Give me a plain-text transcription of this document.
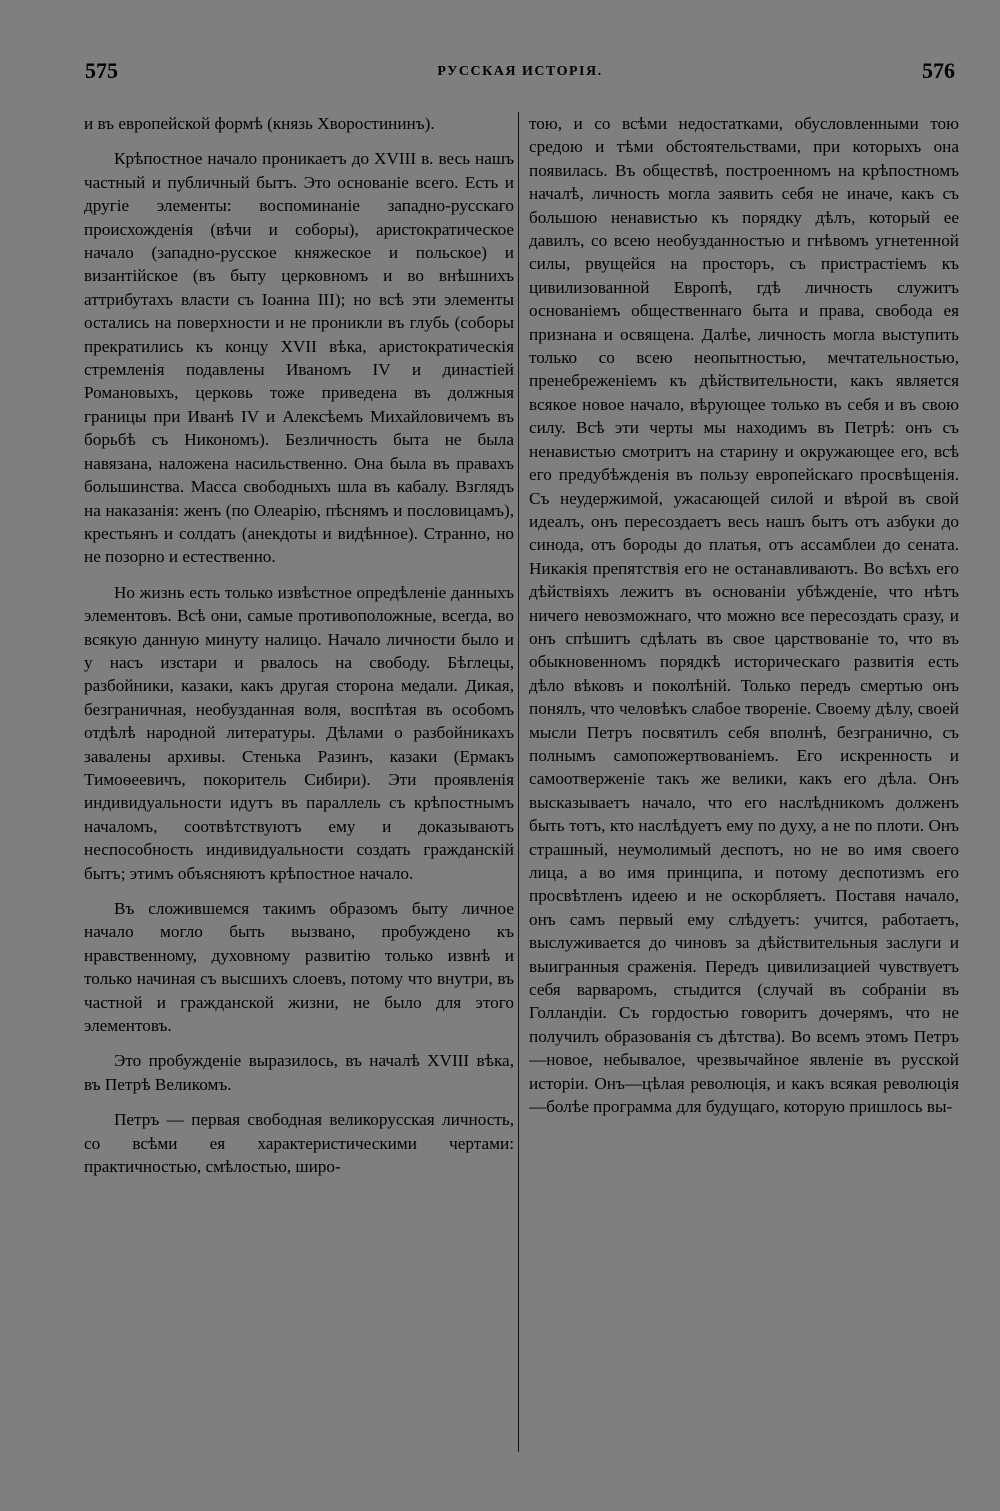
575	РУССКАЯ ИСТОРІЯ.	576

и въ европейской формѣ (князь Хворостининъ).

Крѣпостное начало проникаетъ до XVIII в. весь нашъ частный и публичный бытъ. Это основаніе всего. Есть и другіе элементы: воспоминаніе западно-русскаго происхожденія (вѣчи и соборы), аристократическое начало (западно-русское княжеское и польское) и византійское (въ быту церковномъ и во внѣшнихъ аттрибутахъ власти съ Іоанна III); но всѣ эти элементы остались на поверхности и не проникли въ глубь (соборы прекратились къ концу XVII вѣка, аристократическія стремленія подавлены Иваномъ IV и династіей Романовыхъ, церковь тоже приведена въ должныя границы при Иванѣ IV и Алексѣемъ Михайловичемъ въ борьбѣ съ Никономъ). Безличность быта не была навязана, наложена насильственно. Она была въ правахъ большинства. Масса свободныхъ шла въ кабалу. Взглядъ на наказанія: женъ (по Олеарію, пѣснямъ и пословицамъ), крестьянъ и солдатъ (анекдоты и видѣнное). Странно, но не позорно и естественно.

Но жизнь есть только извѣстное опредѣленіе данныхъ элементовъ. Всѣ они, самые противоположные, всегда, во всякую данную минуту налицо. Начало личности было и у насъ изстари и рвалось на свободу. Бѣглецы, разбойники, казаки, какъ другая сторона медали. Дикая, безграничная, необузданная воля, воспѣтая въ особомъ отдѣлѣ народной литературы. Дѣлами о разбойникахъ завалены архивы. Стенька Разинъ, казаки (Ермакъ Тимоѳеевичъ, покоритель Сибири). Эти проявленія индивидуальности идутъ въ параллель съ крѣпостнымъ началомъ, соотвѣтствуютъ ему и доказываютъ неспособность индивидуальности создать гражданскій бытъ; этимъ объясняютъ крѣпостное начало.

Въ сложившемся такимъ образомъ быту личное начало могло быть вызвано, пробуждено къ нравственному, духовному развитію только извнѣ и только начиная съ высшихъ слоевъ, потому что внутри, въ частной и гражданской жизни, не было для этого элементовъ.

Это пробужденіе выразилось, въ началѣ XVIII вѣка, въ Петрѣ Великомъ.

Петръ — первая свободная великорусская личность, со всѣми ея характеристическими чертами: практичностью, смѣлостью, широ-

тою, и со всѣми недостатками, обусловленными тою средою и тѣми обстоятельствами, при которыхъ она появилась. Въ обществѣ, построенномъ на крѣпостномъ началѣ, личность могла заявить себя не иначе, какъ съ большою ненавистью къ порядку дѣлъ, который ее давилъ, со всею необузданностью и гнѣвомъ угнетенной силы, рвущейся на просторъ, съ пристрастіемъ къ цивилизованной Европѣ, гдѣ личность служитъ основаніемъ общественнаго быта и права, свобода ея признана и освящена. Далѣе, личность могла выступить только со всею неопытностью, мечтательностью, пренебреженіемъ къ дѣйствительности, какъ является всякое новое начало, вѣрующее только въ себя и въ свою силу. Всѣ эти черты мы находимъ въ Петрѣ: онъ съ ненавистью смотритъ на старину и окружающее его, всѣ его предубѣжденія въ пользу европейскаго просвѣщенія. Съ неудержимой, ужасающей силой и вѣрой въ свой идеалъ, онъ пересоздаетъ весь нашъ бытъ отъ азбуки до синода, отъ бороды до платья, отъ ассамблеи до сената. Никакія препятствія его не останавливаютъ. Во всѣхъ его дѣйствіяхъ лежитъ въ основаніи убѣжденіе, что нѣтъ ничего невозможнаго, что можно все пересоздать сразу, и онъ спѣшитъ сдѣлать въ свое царствованіе то, что въ обыкновенномъ порядкѣ историческаго развитія есть дѣло вѣковъ и поколѣній. Только передъ смертью онъ понялъ, что человѣкъ слабое твореніе. Своему дѣлу, своей мысли Петръ посвятилъ себя вполнѣ, безгранично, съ полнымъ самопожертвованіемъ. Его искренность и самоотверженіе такъ же велики, какъ его дѣла. Онъ высказываетъ начало, что его наслѣдникомъ долженъ быть тотъ, кто наслѣдуетъ ему по духу, а не по плоти. Онъ страшный, неумолимый деспотъ, но не во имя своего лица, а во имя принципа, и потому деспотизмъ его просвѣтленъ идеею и не оскорбляетъ. Поставя начало, онъ самъ первый ему слѣдуетъ: учится, работаетъ, выслуживается до чиновъ за дѣйствительныя заслуги и выигранныя сраженія. Передъ цивилизацией чувствуетъ себя варваромъ, стыдится (случай въ собраніи въ Голландіи. Съ гордостью говоритъ дочерямъ, что не получилъ образованія съ дѣтства). Во всемъ этомъ Петръ—новое, небывалое, чрезвычайное явленіе въ русской исторіи. Онъ—цѣлая революція, и какъ всякая революція—болѣе программа для будущаго, которую пришлось вы-
